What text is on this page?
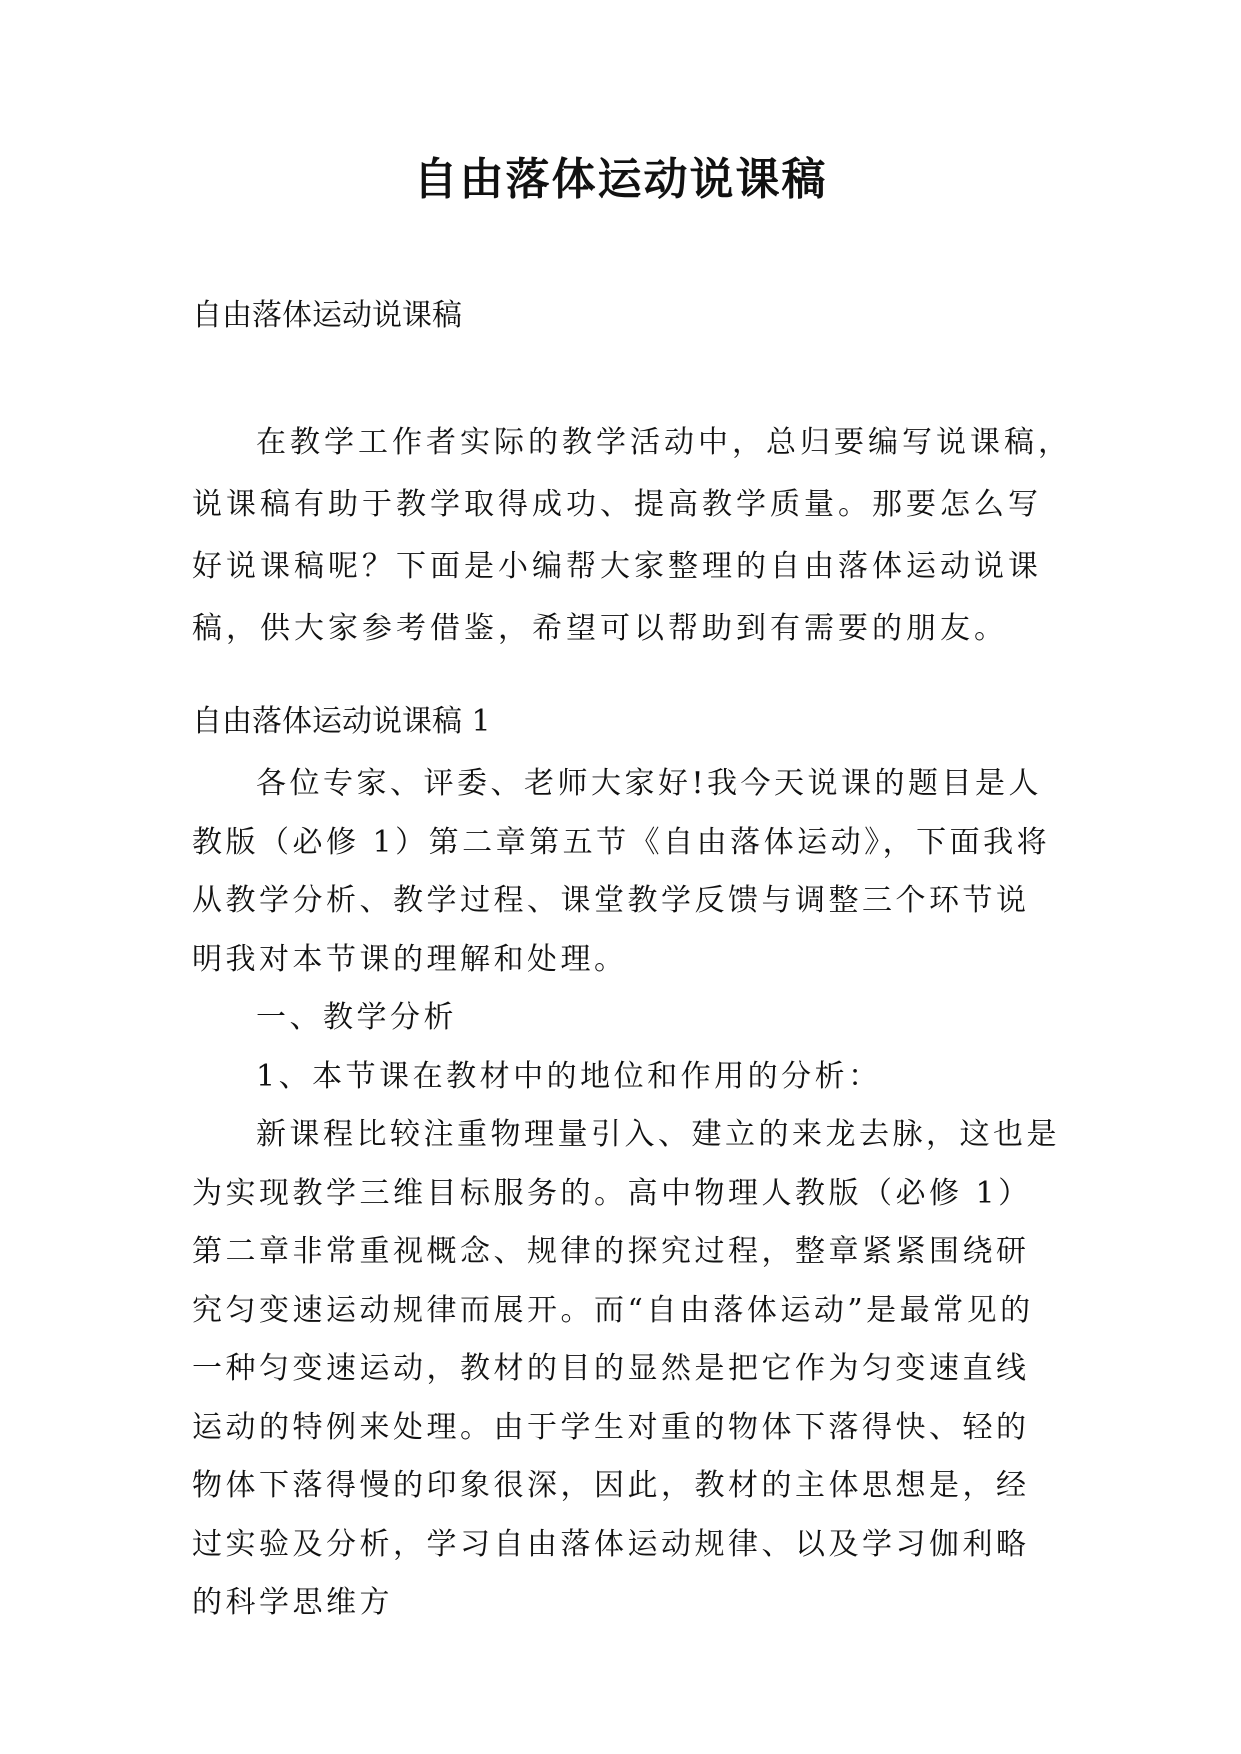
自由落体运动说课稿
自由落体运动说课稿
在教学工作者实际的教学活动中，总归要编写说课稿，说课稿有助于教学取得成功、提高教学质量。那要怎么写好说课稿呢？下面是小编帮大家整理的自由落体运动说课稿，供大家参考借鉴，希望可以帮助到有需要的朋友。
自由落体运动说课稿 1

各位专家、评委、老师大家好!我今天说课的题目是人教版（必修 1）第二章第五节《自由落体运动》，下面我将从教学分析、教学过程、课堂教学反馈与调整三个环节说明我对本节课的理解和处理。

一、教学分析

1、本节课在教材中的地位和作用的分析：

新课程比较注重物理量引入、建立的来龙去脉，这也是为实现教学三维目标服务的。高中物理人教版（必修 1）第二章非常重视概念、规律的探究过程，整章紧紧围绕研究匀变速运动规律而展开。而“自由落体运动”是最常见的一种匀变速运动，教材的目的显然是把它作为匀变速直线运动的特例来处理。由于学生对重的物体下落得快、轻的物体下落得慢的印象很深，因此，教材的主体思想是，经过实验及分析，学习自由落体运动规律、以及学习伽利略的科学思维方
